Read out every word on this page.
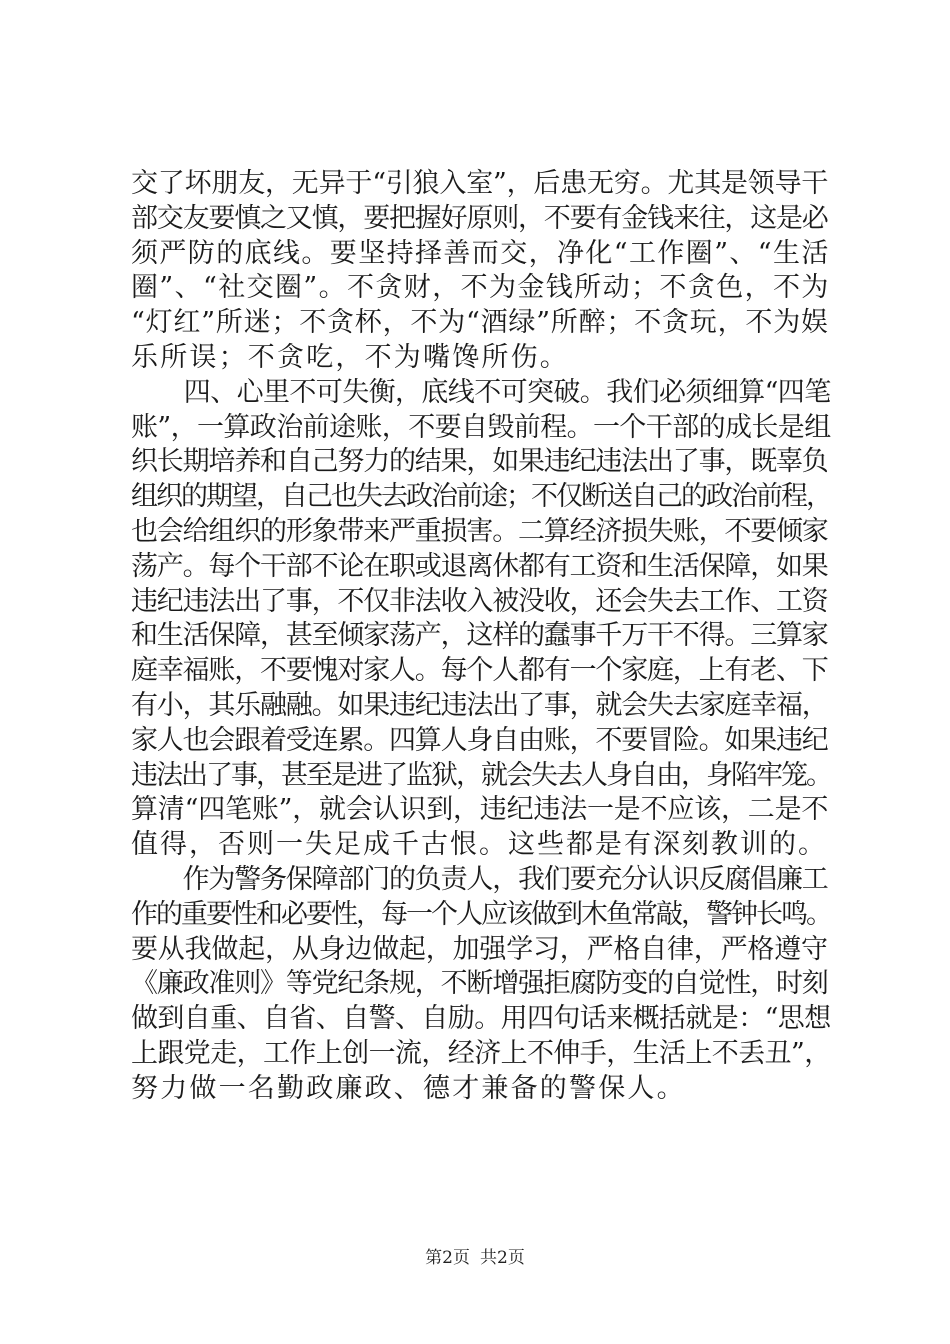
交了坏朋友，无异于“引狼入室”，后患无穷。尤其是领导干
部交友要慎之又慎，要把握好原则，不要有金钱来往，这是必
须严防的底线。要坚持择善而交，净化“工作圈”、“生活
圈”、“社交圈”。不贪财，不为金钱所动；不贪色，不为
“灯红”所迷；不贪杯，不为“酒绿”所醉；不贪玩，不为娱
乐所误；不贪吃，不为嘴馋所伤。
　　四、心里不可失衡，底线不可突破。我们必须细算“四笔
账”，一算政治前途账，不要自毁前程。一个干部的成长是组
织长期培养和自己努力的结果，如果违纪违法出了事，既辜负
组织的期望，自己也失去政治前途；不仅断送自己的政治前程，
也会给组织的形象带来严重损害。二算经济损失账，不要倾家
荡产。每个干部不论在职或退离休都有工资和生活保障，如果
违纪违法出了事，不仅非法收入被没收，还会失去工作、工资
和生活保障，甚至倾家荡产，这样的蠢事千万干不得。三算家
庭幸福账，不要愧对家人。每个人都有一个家庭，上有老、下
有小，其乐融融。如果违纪违法出了事，就会失去家庭幸福，
家人也会跟着受连累。四算人身自由账，不要冒险。如果违纪
违法出了事，甚至是进了监狱，就会失去人身自由，身陷牢笼。
算清“四笔账”，就会认识到，违纪违法一是不应该，二是不
值得，否则一失足成千古恨。这些都是有深刻教训的。
　　作为警务保障部门的负责人，我们要充分认识反腐倡廉工
作的重要性和必要性，每一个人应该做到木鱼常敲，警钟长鸣。
要从我做起，从身边做起，加强学习，严格自律，严格遵守
《廉政准则》等党纪条规，不断增强拒腐防变的自觉性，时刻
做到自重、自省、自警、自励。用四句话来概括就是：“思想
上跟党走，工作上创一流，经济上不伸手，生活上不丢丑”，
努力做一名勤政廉政、德才兼备的警保人。
第2页 共2页
